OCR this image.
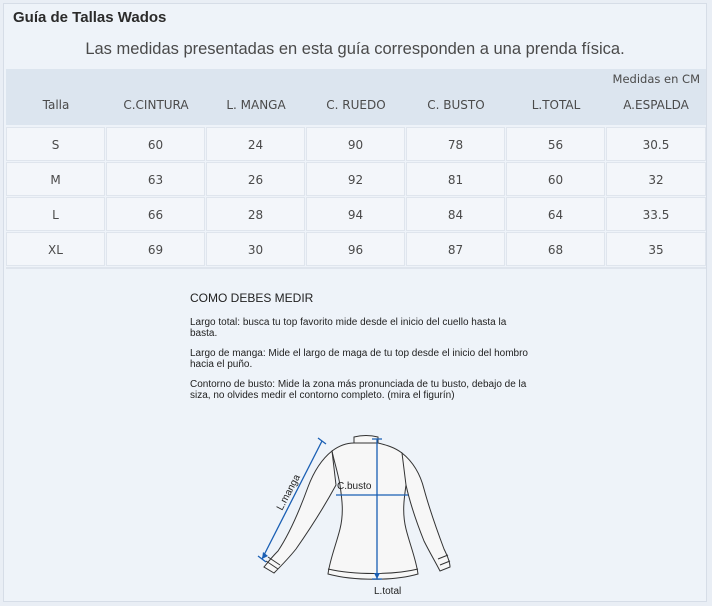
Guía de Tallas Wados
Las medidas presentadas en esta guía corresponden a una prenda física.
Medidas en CM
Talla	C.CINTURA	L. MANGA	C. RUEDO	C. BUSTO	L.TOTAL	A.ESPALDA
S	60	24	90	78	56	30.5
M	63	26	92	81	60	32
L	66	28	94	84	64	33.5
XL	69	30	96	87	68	35
COMO DEBES MEDIR

Largo total: busca tu top favorito mide desde el inicio del cuello hasta la basta.

Largo de manga: Mide el largo de maga de tu top desde el inicio del hombro hacia el puño.

Contorno de busto: Mide la zona más pronunciada de tu busto, debajo de la siza, no olvides medir el contorno completo. (mira el figurín)

L.manga	C.busto
L.total
